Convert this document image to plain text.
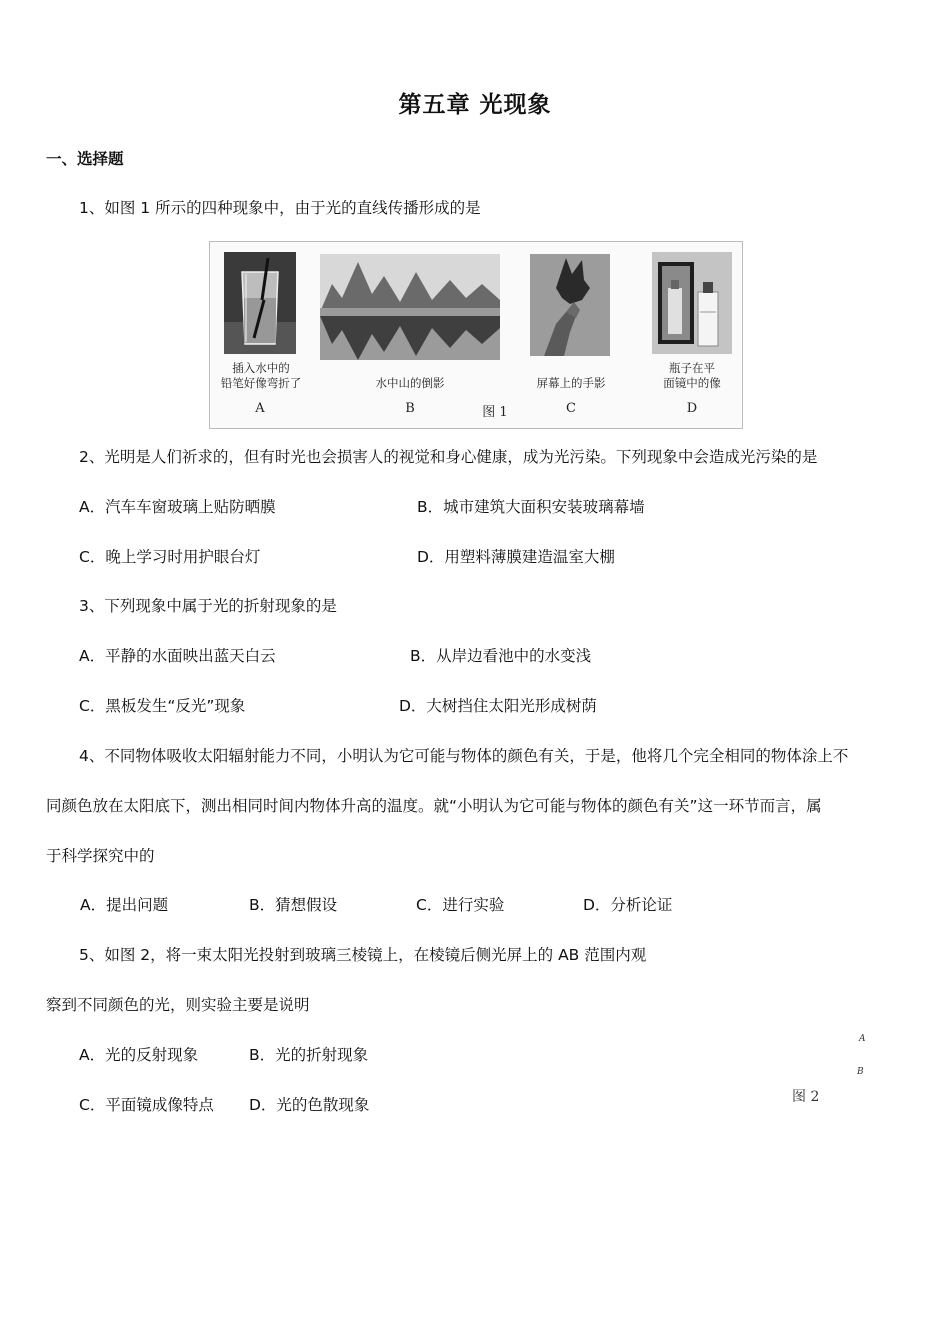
第五章 光现象
一、选择题
1、如图 1 所示的四种现象中，由于光的直线传播形成的是
插入水中的
铅笔好像弯折了
A
水中山的倒影
B	图 1
屏幕上的手影
C
瓶子在平
面镜中的像
D
2、光明是人们祈求的，但有时光也会损害人的视觉和身心健康，成为光污染。下列现象中会造成光污染的是
A．汽车车窗玻璃上贴防晒膜	B．城市建筑大面积安装玻璃幕墙
C．晚上学习时用护眼台灯	D．用塑料薄膜建造温室大棚
3、下列现象中属于光的折射现象的是
A．平静的水面映出蓝天白云	B．从岸边看池中的水变浅
C．黑板发生“反光”现象	D．大树挡住太阳光形成树荫
4、不同物体吸收太阳辐射能力不同，小明认为它可能与物体的颜色有关，于是，他将几个完全相同的物体涂上不
同颜色放在太阳底下，测出相同时间内物体升高的温度。就“小明认为它可能与物体的颜色有关”这一环节而言，属
于科学探究中的
A．提出问题	B．猜想假设	C．进行实验	D．分析论证
5、如图 2，将一束太阳光投射到玻璃三棱镜上，在棱镜后侧光屏上的 AB 范围内观
察到不同颜色的光，则实验主要是说明
A．光的反射现象	B．光的折射现象
C．平面镜成像特点 D．光的色散现象
A
B
图 2
